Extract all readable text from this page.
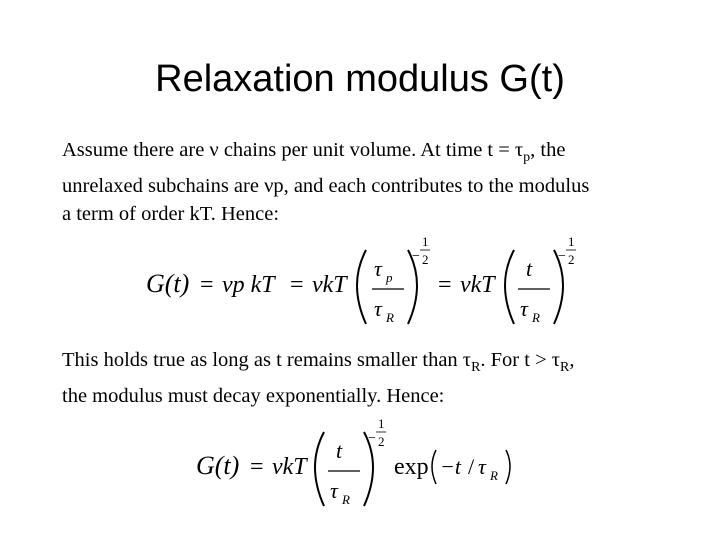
Relaxation modulus G(t)
Assume there are ν chains per unit volume. At time $t = \tau_p$, the
unrelaxed subchains are νp, and each contributes to the modulus
a term of order kT. Hence:
G(t) = νp kT = νkT
τ p
τ R
−
1
2
= νkT
t
τ R
−
1
2
This holds true as long as t remains smaller than $\tau_R$. For $t > \tau_R$,
the modulus must decay exponentially. Hence:
G(t) = νkT
t
τ R
−
1
2
exp −t / τ R
